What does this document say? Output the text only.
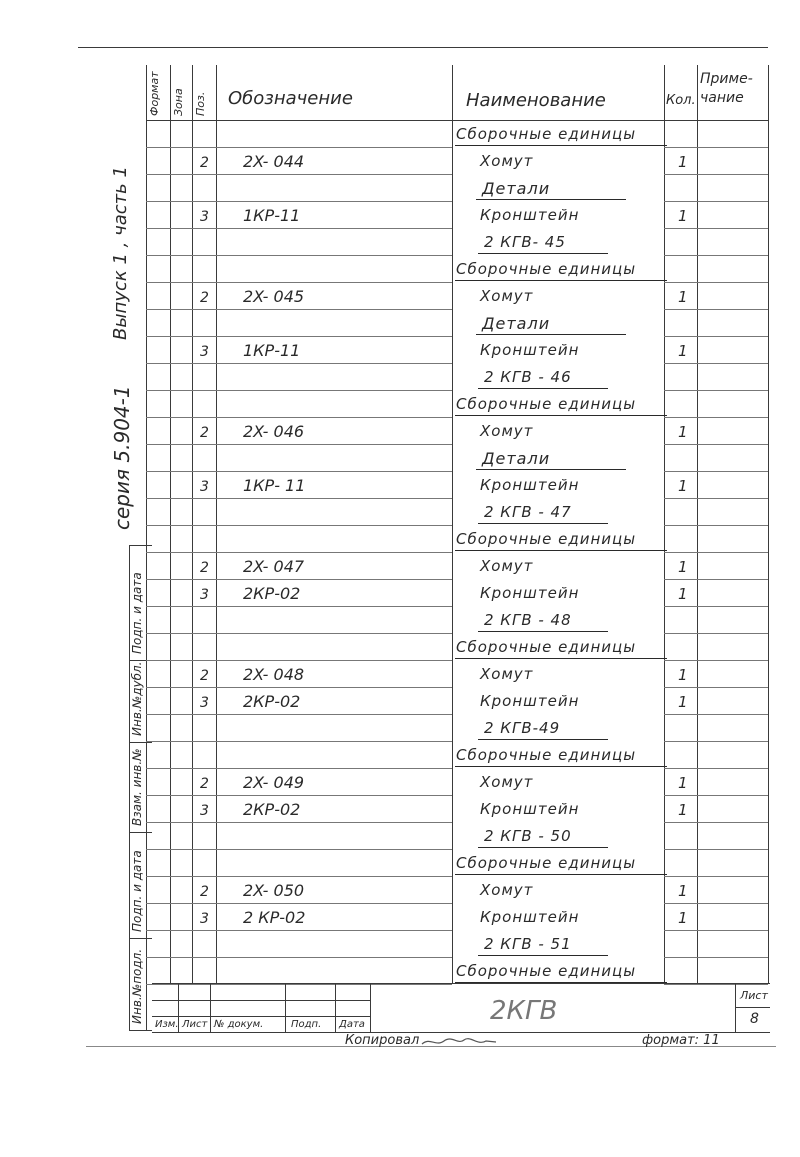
Выпуск 1 , часть 1
серия 5.904-1
Подп. и дата
Инв.№дубл.
Взам. инв.№
Подп. и дата
Инв.№подл.
Формат Зона Поз. Обозначение	Наименование	Кол.
Приме-
чание
Сборочные единицы
2 2X- 044	Хомут	1
Детали
3 1КР-11	Кронштейн	1
2 КГВ- 45
Сборочные единицы
2 2X- 045	Хомут	1
Детали
3 1КР-11	Кронштейн	1
2 КГВ - 46
Сборочные единицы
2 2X- 046	Хомут	1
Детали
3 1КР- 11	Кронштейн	1
2 КГВ - 47
Сборочные единицы
2 2X- 047	Хомут	1
3 2КР-02	Кронштейн	1
2 КГВ - 48
Сборочные единицы
2 2X- 048	Хомут	1
3 2КР-02	Кронштейн	1
2 КГВ-49
Сборочные единицы
2 2X- 049	Хомут	1
3 2КР-02	Кронштейн	1
2 КГВ - 50
Сборочные единицы
2 2X- 050	Хомут	1
3 2 КР-02	Кронштейн	1
2 КГВ - 51
Сборочные единицы
Изм. Лист № докум.	Подп. Дата	2КГВ
Лист
8
Копировал	формат: 11
